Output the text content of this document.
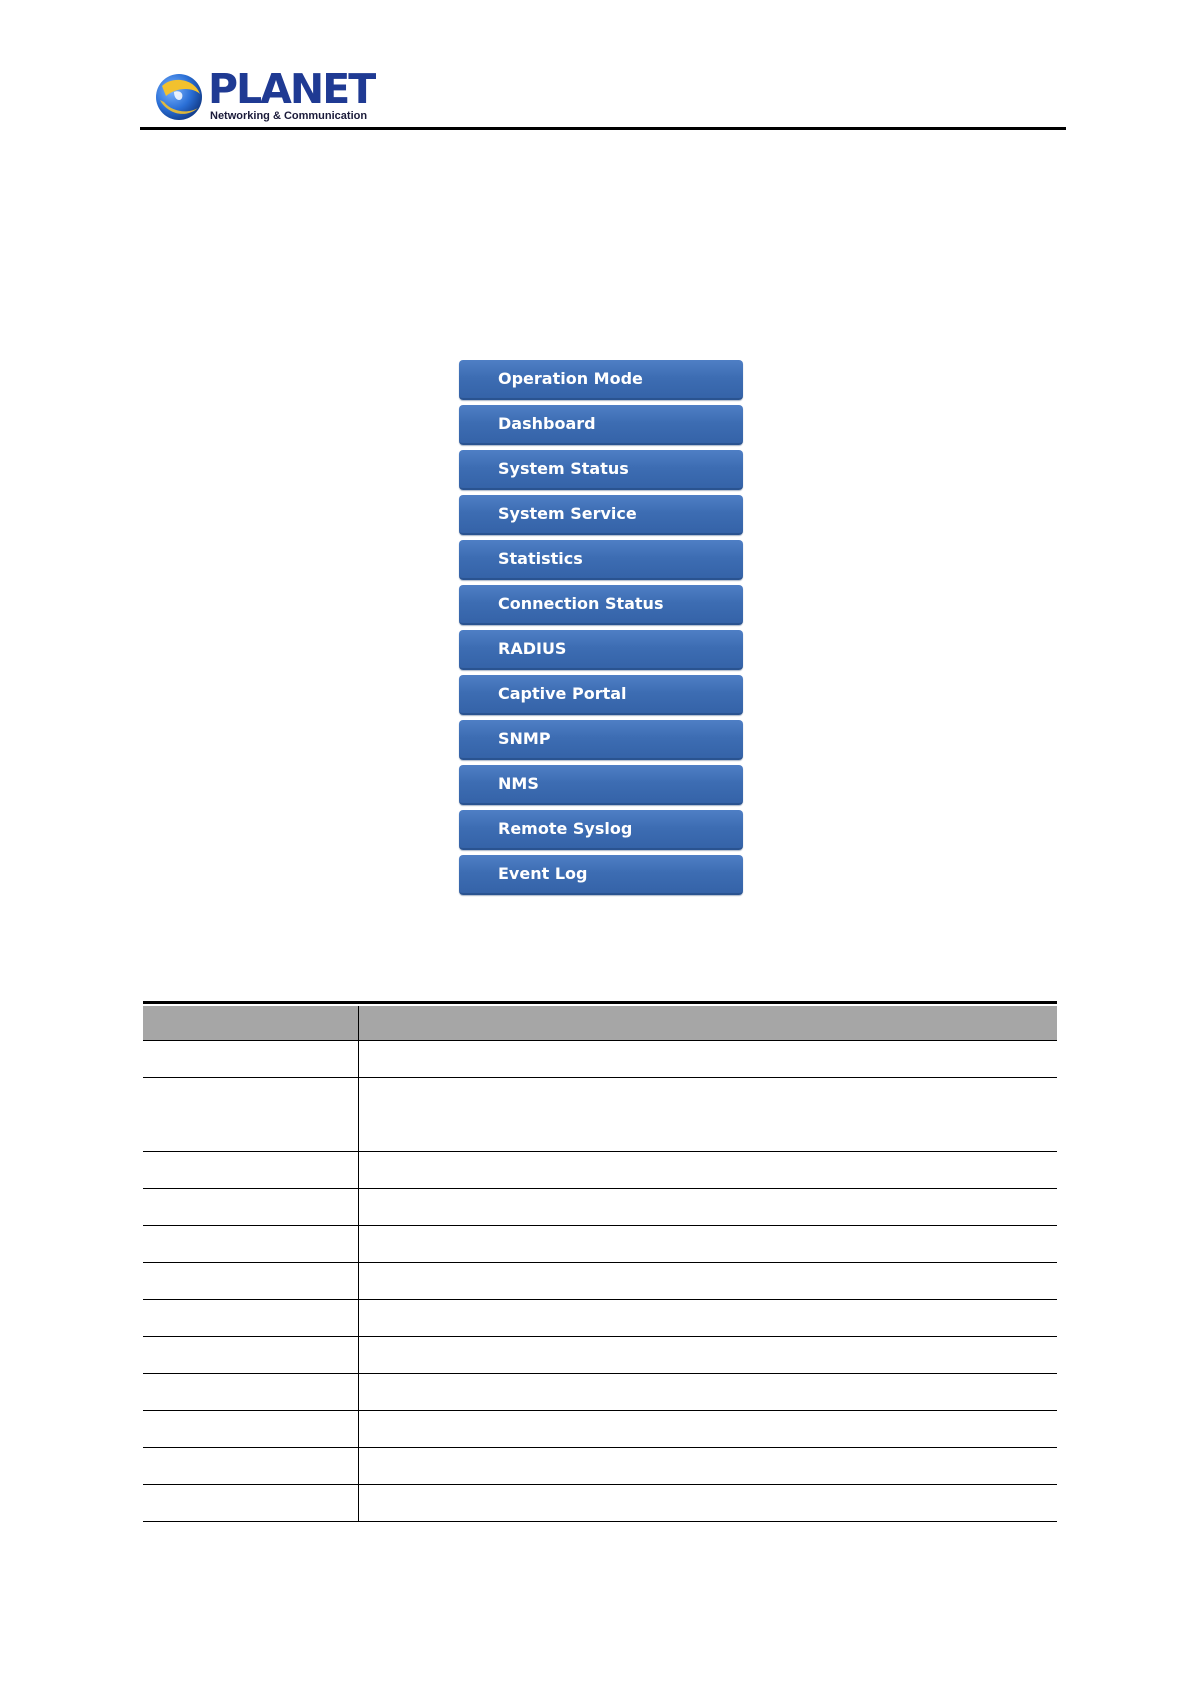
PLANET
Networking & Communication
Operation Mode
Dashboard
System Status
System Service
Statistics
Connection Status
RADIUS
Captive Portal
SNMP
NMS
Remote Syslog
Event Log
